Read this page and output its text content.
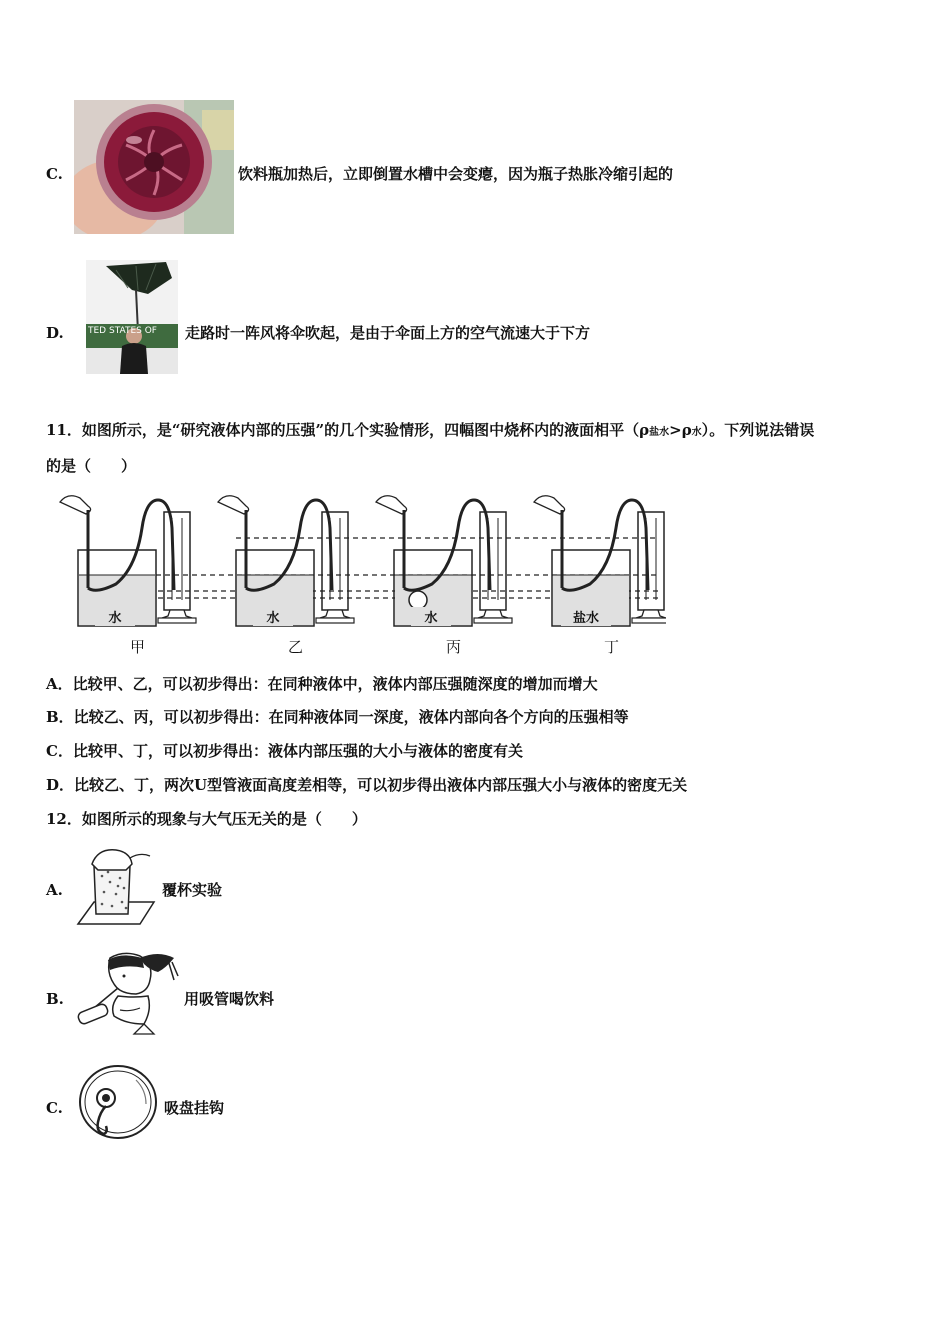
C.	饮料瓶加热后，立即倒置水槽中会变瘪，因为瓶子热胀冷缩引起的
D.	TED STATES OF 走路时一阵风将伞吹起，是由于伞面上方的空气流速大于下方
11．如图所示，是“研究液体内部的压强”的几个实验情形，四幅图中烧杯内的液面相平（ρ盐水>ρ水）。下列说法错误
的是（　　）
水	水	水	盐水
甲	乙	丙	丁
A．比较甲、乙，可以初步得出：在同种液体中，液体内部压强随深度的增加而增大
B．比较乙、丙，可以初步得出：在同种液体同一深度，液体内部向各个方向的压强相等
C．比较甲、丁，可以初步得出：液体内部压强的大小与液体的密度有关
D．比较乙、丁，两次U型管液面高度差相等，可以初步得出液体内部压强大小与液体的密度无关
12．如图所示的现象与大气压无关的是（　　）
A.	覆杯实验
B.	用吸管喝饮料
C.	吸盘挂钩
